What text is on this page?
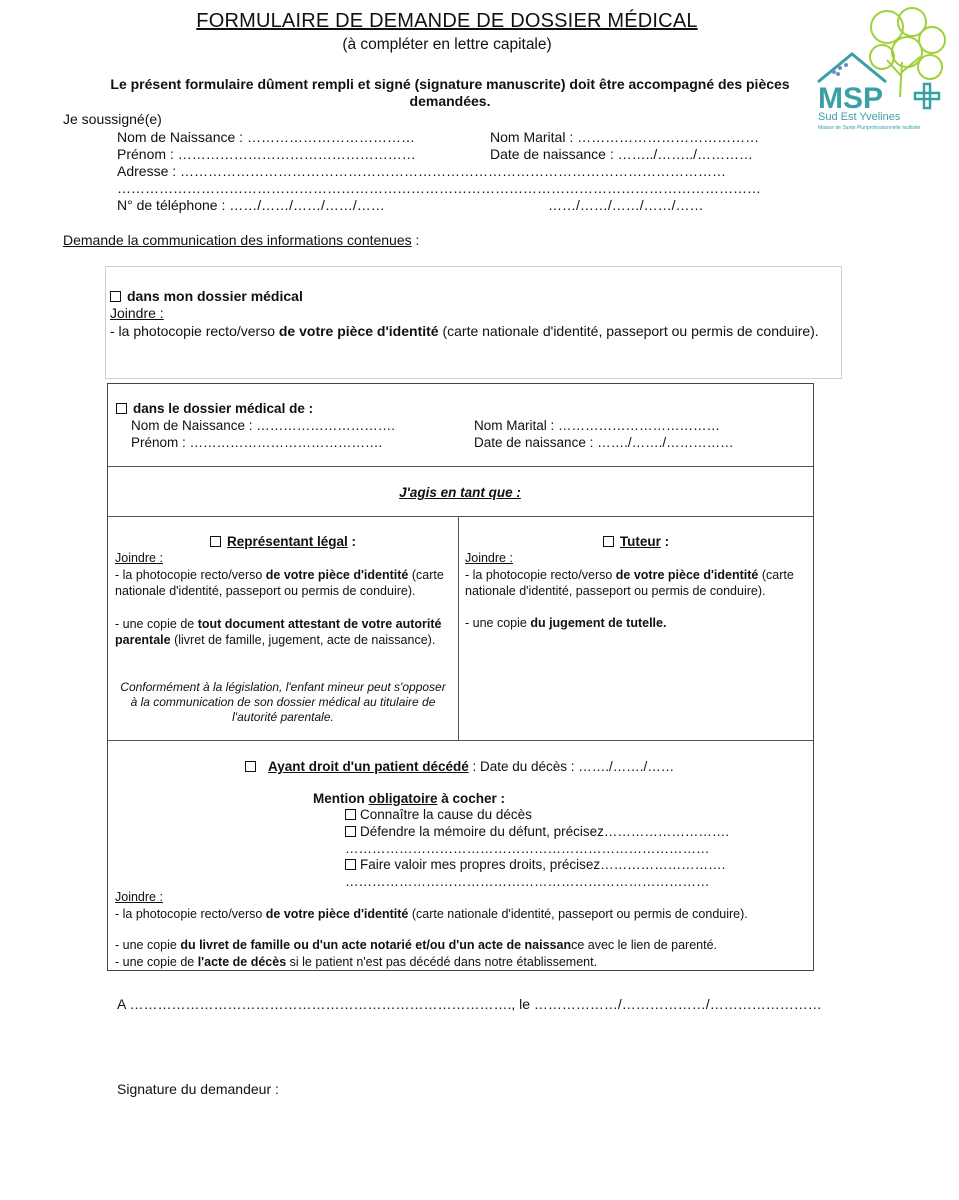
FORMULAIRE DE DEMANDE DE DOSSIER MÉDICAL
(à compléter en lettre capitale)
Le présent formulaire dûment rempli et signé (signature manuscrite) doit être accompagné des pièces demandées.	MSP
Sud Est Yvelines
Maison de Santé Pluriprofessionnelle multisite
Je soussigné(e)
Nom de Naissance : ………………………………	Nom Marital : …………………………………
Prénom : ……………………………………………	Date de naissance : ……../……../…………
Adresse : ………………………………………………………………………………………………………
…………………………………………………………………………………………………………………………
N° de téléphone : ……/……/……/……/……	……/……/……/……/……
Demande la communication des informations contenues :
dans mon dossier médical
Joindre :
- la photocopie recto/verso de votre pièce d'identité (carte nationale d'identité, passeport ou permis de conduire).
dans le dossier médical de :
Nom de Naissance : ………………………….	Nom Marital : ………………………………
Prénom : …………………………………….	Date de naissance : ……./……./……………
J'agis en tant que :
Représentant légal :
Joindre :
- la photocopie recto/verso de votre pièce d'identité (carte nationale d'identité, passeport ou permis de conduire).
- une copie de tout document attestant de votre autorité parentale (livret de famille, jugement, acte de naissance).
Conformément à la législation, l'enfant mineur peut s'opposer à la communication de son dossier médical au titulaire de l'autorité parentale.
Tuteur :
Joindre :
- la photocopie recto/verso de votre pièce d'identité (carte nationale d'identité, passeport ou permis de conduire).
- une copie du jugement de tutelle.
Ayant droit d'un patient décédé : Date du décès : ……./……./……
Mention obligatoire à cocher :
Connaître la cause du décès
Défendre la mémoire du défunt, précisez……………………….
………………………………………………………………………
Faire valoir mes propres droits, précisez……………………….
………………………………………………………………………
Joindre :
- la photocopie recto/verso de votre pièce d'identité (carte nationale d'identité, passeport ou permis de conduire).
- une copie du livret de famille ou d'un acte notarié et/ou d'un acte de naissance avec le lien de parenté.
- une copie de l'acte de décès si le patient n'est pas décédé dans notre établissement.
A ………………………………………………………………………., le ………………/………………/……………………
Signature du demandeur :
